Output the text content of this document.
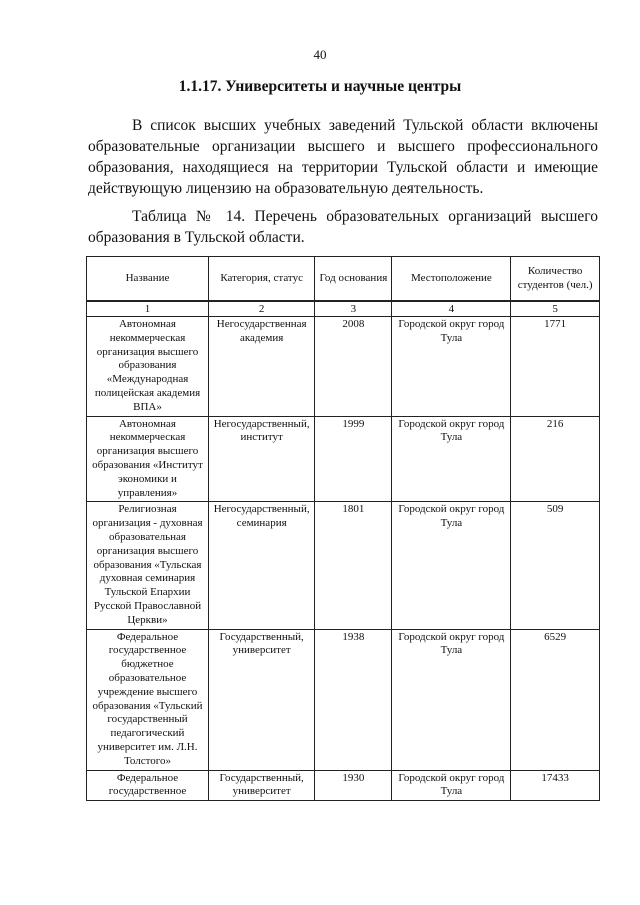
40
1.1.17. Университеты и научные центры

В список высших учебных заведений Тульской области включены образовательные организации высшего и высшего профессионального образования, находящиеся на территории Тульской области и имеющие действующую лицензию на образовательную деятельность.

Таблица № 14. Перечень образовательных организаций высшего образования в Тульской области.

Название	Категория, статус	Год основания	Местоположение	Количество студентов (чел.)
1	2	3	4	5
Автономная некоммерческая организация высшего образования «Международная полицейская академия ВПА»	Негосударственная академия	2008	Городской округ город Тула	1771
Автономная некоммерческая организация высшего образования «Институт экономики и управления»	Негосударственный, институт	1999	Городской округ город Тула	216
Религиозная организация - духовная образовательная организация высшего образования «Тульская духовная семинария Тульской Епархии Русской Православной Церкви»	Негосударственный, семинария	1801	Городской округ город Тула	509
Федеральное государственное бюджетное образовательное учреждение высшего образования «Тульский государственный педагогический университет им. Л.Н. Толстого»	Государственный, университет	1938	Городской округ город Тула	6529
Федеральное государственное	Государственный, университет	1930	Городской округ город Тула	17433
